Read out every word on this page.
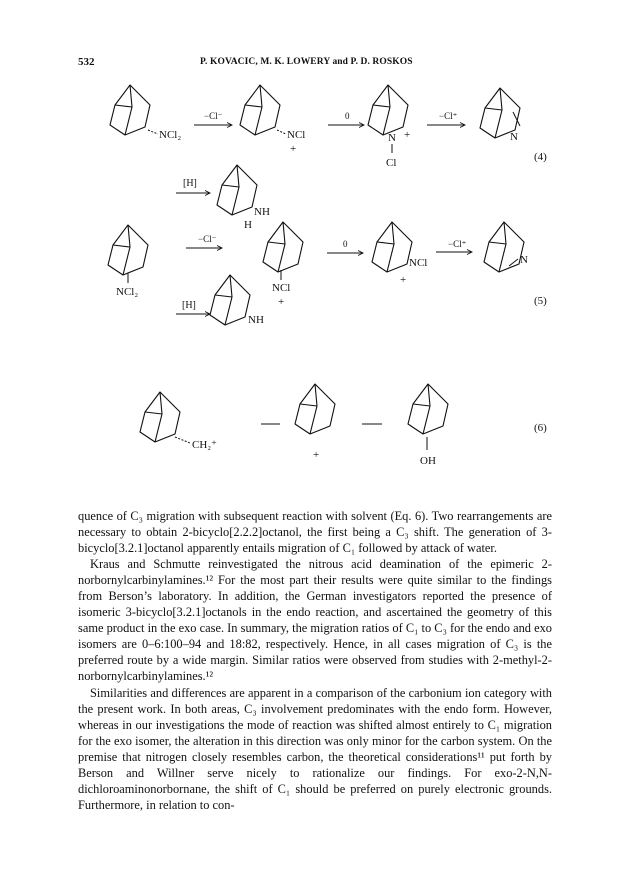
532	P. KOVACIC, M. K. LOWERY and P. D. ROSKOS
NCl₂
−Cl⁻
NCl
+
0
N +
Cl
−Cl⁺
N
(4)
[H]
NH
H
NCl₂
−Cl⁻
NCl
+
0
NCl
+
−Cl⁺
N
(5)
[H]
NH
CH₂⁺
+	OH
(6)

quence of C₃ migration with subsequent reaction with solvent (Eq. 6). Two rearrangements are necessary to obtain 2-bicyclo[2.2.2]octanol, the first being a C₃ shift. The generation of 3-bicyclo[3.2.1]octanol apparently entails migration of C₁ followed by attack of water.

Kraus and Schmutte reinvestigated the nitrous acid deamination of the epimeric 2-norbornylcarbinylamines.¹² For the most part their results were quite similar to the findings from Berson’s laboratory. In addition, the German investigators reported the presence of isomeric 3-bicyclo[3.2.1]octanols in the endo reaction, and ascertained the geometry of this same product in the exo case. In summary, the migration ratios of C₁ to C₃ for the endo and exo isomers are 0–6:100–94 and 18:82, respectively. Hence, in all cases migration of C₃ is the preferred route by a wide margin. Similar ratios were observed from studies with 2-methyl-2-norbornylcarbinylamines.¹²

Similarities and differences are apparent in a comparison of the carbonium ion category with the present work. In both areas, C₃ involvement predominates with the endo form. However, whereas in our investigations the mode of reaction was shifted almost entirely to C₁ migration for the exo isomer, the alteration in this direction was only minor for the carbon system. On the premise that nitrogen closely resembles carbon, the theoretical considerations¹¹ put forth by Berson and Willner serve nicely to rationalize our findings. For exo-2-N,N-dichloroaminonorbornane, the shift of C₁ should be preferred on purely electronic grounds. Furthermore, in relation to con-
